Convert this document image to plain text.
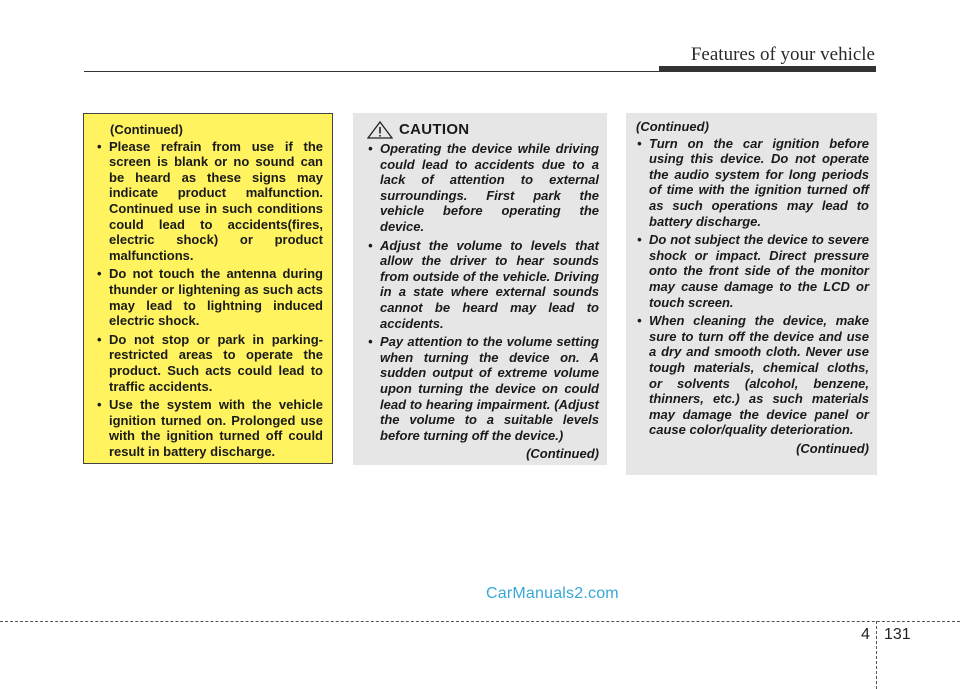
Features of your vehicle
(Continued)
• Please refrain from use if the screen is blank or no sound can be heard as these signs may indicate product malfunction. Continued use in such conditions could lead to accidents(fires, electric shock) or product malfunctions.
• Do not touch the antenna during thunder or lightening as such acts may lead to lightning induced electric shock.
• Do not stop or park in parking-restricted areas to operate the product. Such acts could lead to traffic accidents.
• Use the system with the vehicle ignition turned on. Prolonged use with the ignition turned off could result in battery discharge.
CAUTION
• Operating the device while driving could lead to accidents due to a lack of attention to external surroundings. First park the vehicle before operating the device.
• Adjust the volume to levels that allow the driver to hear sounds from outside of the vehicle. Driving in a state where external sounds cannot be heard may lead to accidents.
• Pay attention to the volume setting when turning the device on. A sudden output of extreme volume upon turning the device on could lead to hearing impairment. (Adjust the volume to a suitable levels before turning off the device.)
(Continued)
(Continued)
• Turn on the car ignition before using this device. Do not operate the audio system for long periods of time with the ignition turned off as such operations may lead to battery discharge.
• Do not subject the device to severe shock or impact. Direct pressure onto the front side of the monitor may cause damage to the LCD or touch screen.
• When cleaning the device, make sure to turn off the device and use a dry and smooth cloth. Never use tough materials, chemical cloths, or solvents (alcohol, benzene, thinners, etc.) as such materials may damage the device panel or cause color/quality deterioration.
(Continued)
CarManuals2.com
4 131
